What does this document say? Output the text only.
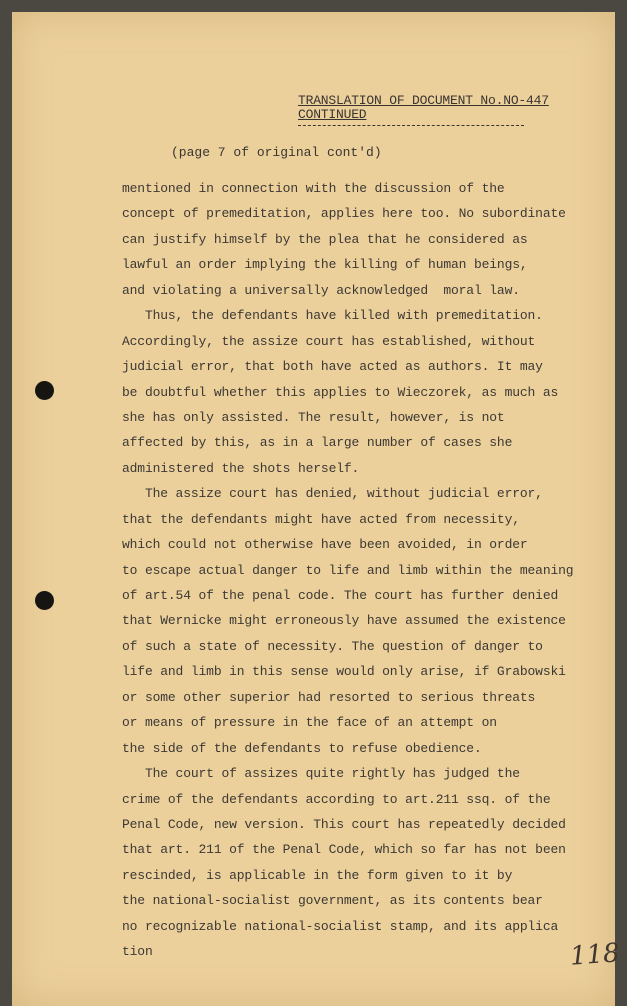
TRANSLATION OF DOCUMENT No.NO-447
CONTINUED
(page 7 of original cont'd)
mentioned in connection with the discussion of the
concept of premeditation, applies here too. No subordinate
can justify himself by the plea that he considered as
lawful an order implying the killing of human beings,
and violating a universally acknowledged  moral law.
Thus, the defendants have killed with premeditation.
Accordingly, the assize court has established, without
judicial error, that both have acted as authors. It may
be doubtful whether this applies to Wieczorek, as much as
she has only assisted. The result, however, is not
affected by this, as in a large number of cases she
administered the shots herself.
The assize court has denied, without judicial error,
that the defendants might have acted from necessity,
which could not otherwise have been avoided, in order
to escape actual danger to life and limb within the meaning
of art.54 of the penal code. The court has further denied
that Wernicke might erroneously have assumed the existence
of such a state of necessity. The question of danger to
life and limb in this sense would only arise, if Grabowski
or some other superior had resorted to serious threats
or means of pressure in the face of an attempt on
the side of the defendants to refuse obedience.
The court of assizes quite rightly has judged the
crime of the defendants according to art.211 ssq. of the
Penal Code, new version. This court has repeatedly decided
that art. 211 of the Penal Code, which so far has not been
rescinded, is applicable in the form given to it by
the national-socialist government, as its contents bear
no recognizable national-socialist stamp, and its applica
tion	118
